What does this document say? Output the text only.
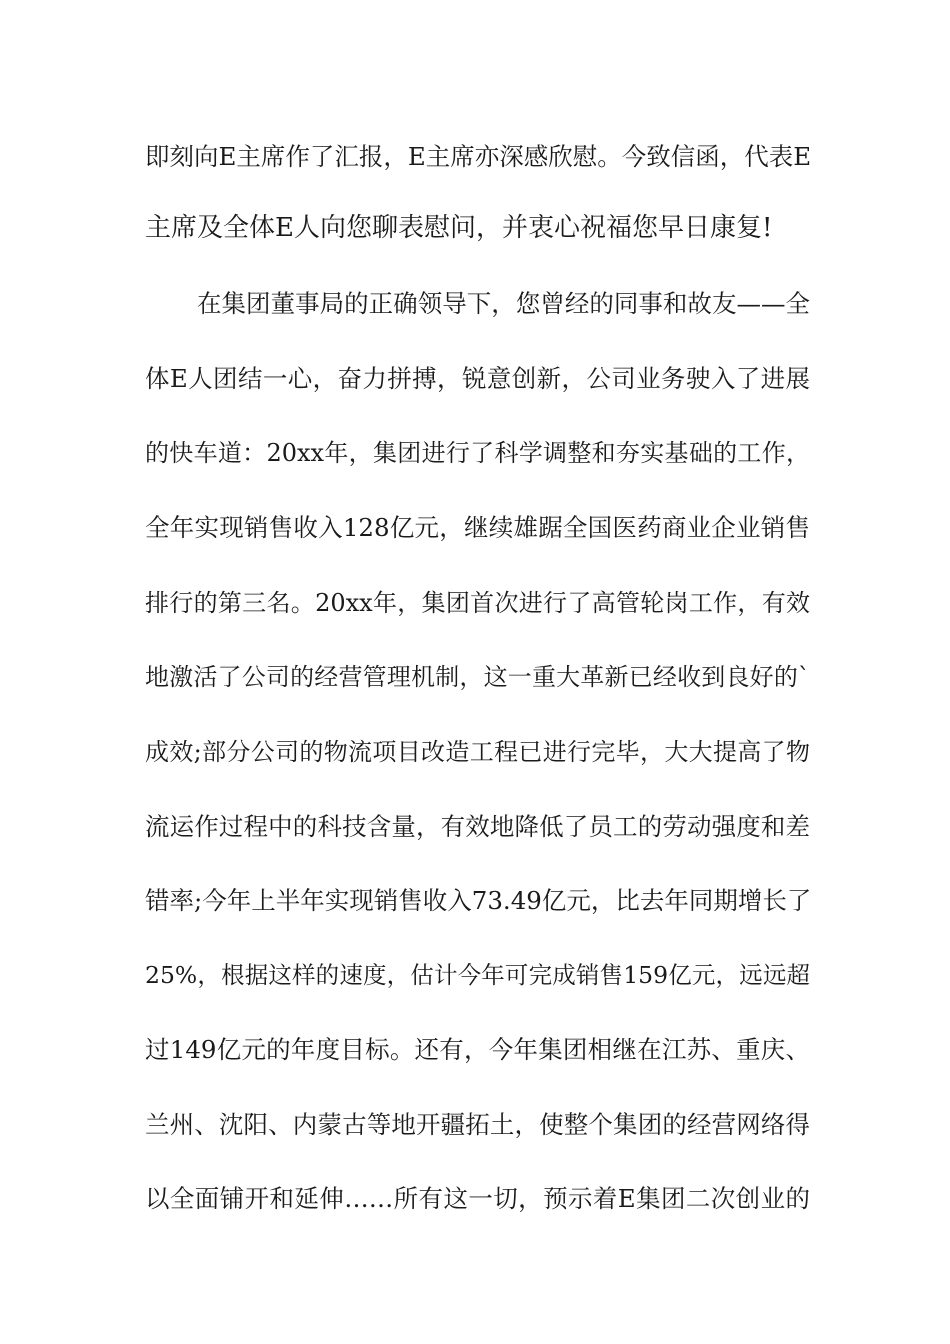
即刻向E主席作了汇报，E主席亦深感欣慰。今致信函，代表E
主席及全体E人向您聊表慰问，并衷心祝福您早日康复!
在集团董事局的正确领导下，您曾经的同事和故友——全
体E人团结一心，奋力拼搏，锐意创新，公司业务驶入了进展
的快车道：20xx年，集团进行了科学调整和夯实基础的工作，
全年实现销售收入128亿元，继续雄踞全国医药商业企业销售
排行的第三名。20xx年，集团首次进行了高管轮岗工作，有效
地激活了公司的经营管理机制，这一重大革新已经收到良好的`
成效;部分公司的物流项目改造工程已进行完毕，大大提高了物
流运作过程中的科技含量，有效地降低了员工的劳动强度和差
错率;今年上半年实现销售收入73.49亿元，比去年同期增长了
25%，根据这样的速度，估计今年可完成销售159亿元，远远超
过149亿元的年度目标。还有，今年集团相继在江苏、重庆、
兰州、沈阳、内蒙古等地开疆拓土，使整个集团的经营网络得
以全面铺开和延伸……所有这一切，预示着E集团二次创业的
